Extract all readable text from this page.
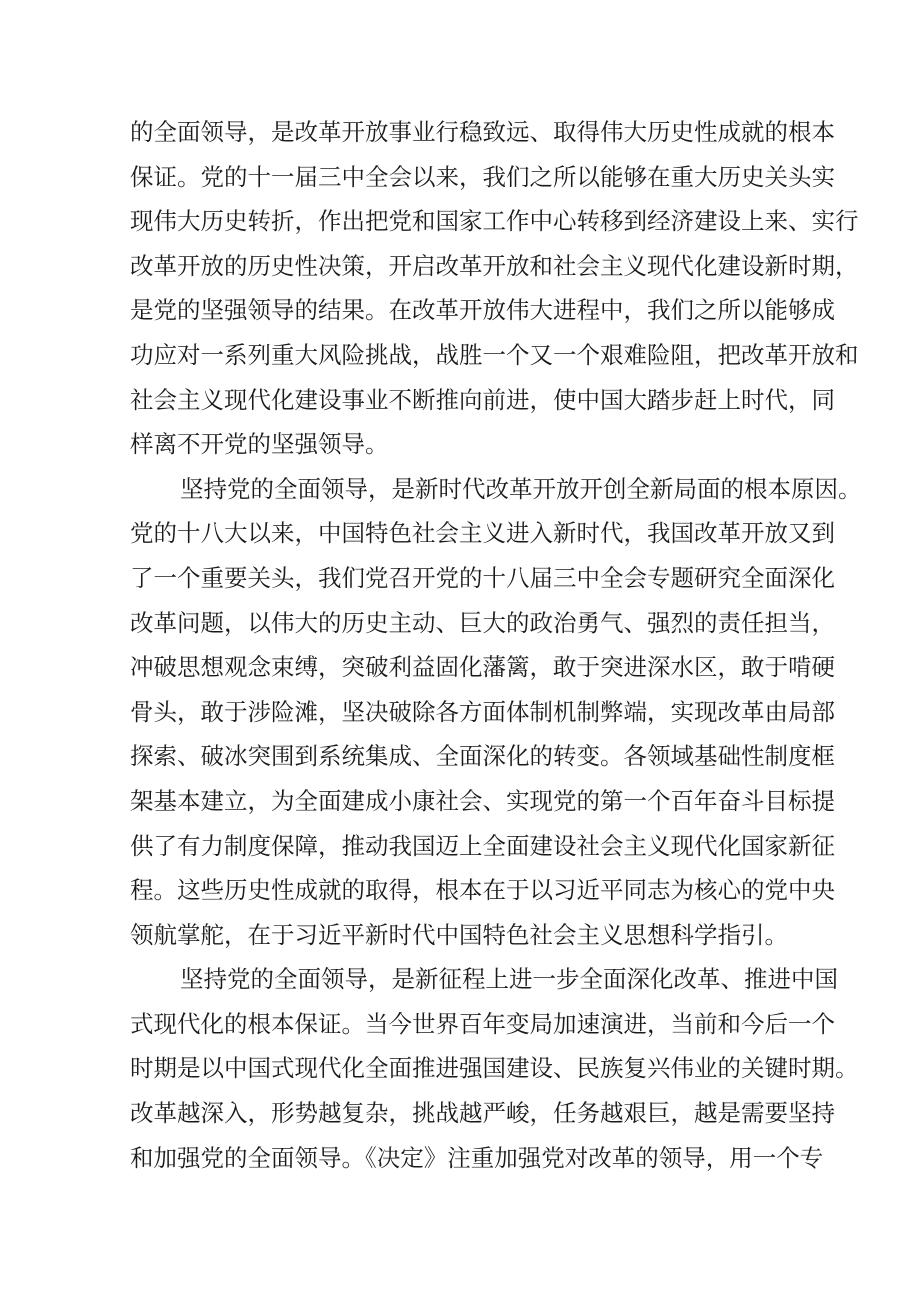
的全面领导，是改革开放事业行稳致远、取得伟大历史性成就的根本
保证。党的十一届三中全会以来，我们之所以能够在重大历史关头实
现伟大历史转折，作出把党和国家工作中心转移到经济建设上来、实行
改革开放的历史性决策，开启改革开放和社会主义现代化建设新时期，
是党的坚强领导的结果。在改革开放伟大进程中，我们之所以能够成
功应对一系列重大风险挑战，战胜一个又一个艰难险阻，把改革开放和
社会主义现代化建设事业不断推向前进，使中国大踏步赶上时代，同
样离不开党的坚强领导。
坚持党的全面领导，是新时代改革开放开创全新局面的根本原因。
党的十八大以来，中国特色社会主义进入新时代，我国改革开放又到
了一个重要关头，我们党召开党的十八届三中全会专题研究全面深化
改革问题，以伟大的历史主动、巨大的政治勇气、强烈的责任担当，
冲破思想观念束缚，突破利益固化藩篱，敢于突进深水区，敢于啃硬
骨头，敢于涉险滩，坚决破除各方面体制机制弊端，实现改革由局部
探索、破冰突围到系统集成、全面深化的转变。各领域基础性制度框
架基本建立，为全面建成小康社会、实现党的第一个百年奋斗目标提
供了有力制度保障，推动我国迈上全面建设社会主义现代化国家新征
程。这些历史性成就的取得，根本在于以习近平同志为核心的党中央
领航掌舵，在于习近平新时代中国特色社会主义思想科学指引。
坚持党的全面领导，是新征程上进一步全面深化改革、推进中国
式现代化的根本保证。当今世界百年变局加速演进，当前和今后一个
时期是以中国式现代化全面推进强国建设、民族复兴伟业的关键时期。
改革越深入，形势越复杂，挑战越严峻，任务越艰巨，越是需要坚持
和加强党的全面领导。《决定》注重加强党对改革的领导，用一个专
